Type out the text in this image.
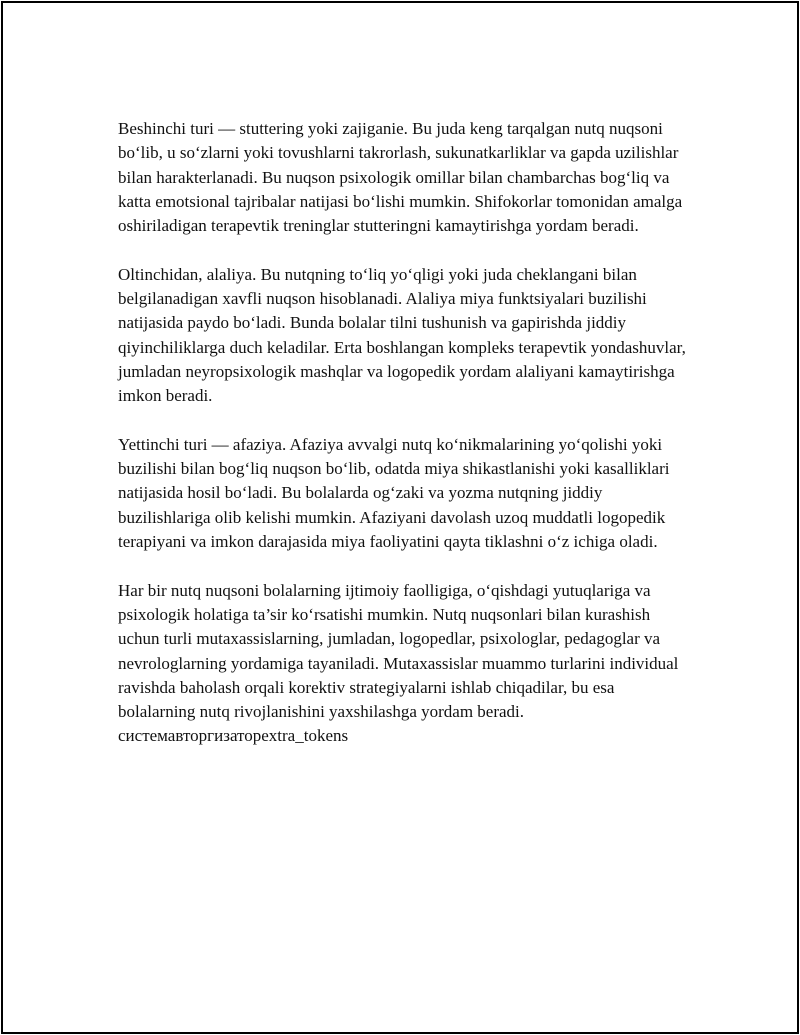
Beshinchi turi — stuttering yoki zajiganie. Bu juda keng tarqalgan nutq nuqsoni bo‘lib, u so‘zlarni yoki tovushlarni takrorlash, sukunatkarliklar va gapda uzilishlar bilan harakterlanadi. Bu nuqson psixologik omillar bilan chambarchas bog‘liq va katta emotsional tajribalar natijasi bo‘lishi mumkin. Shifokorlar tomonidan amalga oshiriladigan terapevtik treninglar stutteringni kamaytirishga yordam beradi.

Oltinchidan, alaliya. Bu nutqning to‘liq yo‘qligi yoki juda cheklangani bilan belgilanadigan xavfli nuqson hisoblanadi. Alaliya miya funktsiyalari buzilishi natijasida paydo bo‘ladi. Bunda bolalar tilni tushunish va gapirishda jiddiy qiyinchiliklarga duch keladilar. Erta boshlangan kompleks terapevtik yondashuvlar, jumladan neyropsixologik mashqlar va logopedik yordam alaliyani kamaytirishga imkon beradi.

Yettinchi turi — afaziya. Afaziya avvalgi nutq ko‘nikmalarining yo‘qolishi yoki buzilishi bilan bog‘liq nuqson bo‘lib, odatda miya shikastlanishi yoki kasalliklari natijasida hosil bo‘ladi. Bu bolalarda og‘zaki va yozma nutqning jiddiy buzilishlariga olib kelishi mumkin. Afaziyani davolash uzoq muddatli logopedik terapiyani va imkon darajasida miya faoliyatini qayta tiklashni o‘z ichiga oladi.

Har bir nutq nuqsoni bolalarning ijtimoiy faolligiga, o‘qishdagi yutuqlariga va psixologik holatiga ta’sir ko‘rsatishi mumkin. Nutq nuqsonlari bilan kurashish uchun turli mutaxassislarning, jumladan, logopedlar, psixologlar, pedagoglar va nevrologlarning yordamiga tayaniladi. Mutaxassislar muammo turlarini individual ravishda baholash orqali korektiv strategiyalarni ishlab chiqadilar, bu esa bolalarning nutq rivojlanishini yaxshilashga yordam beradi. системавторгизаторextra_tokens
